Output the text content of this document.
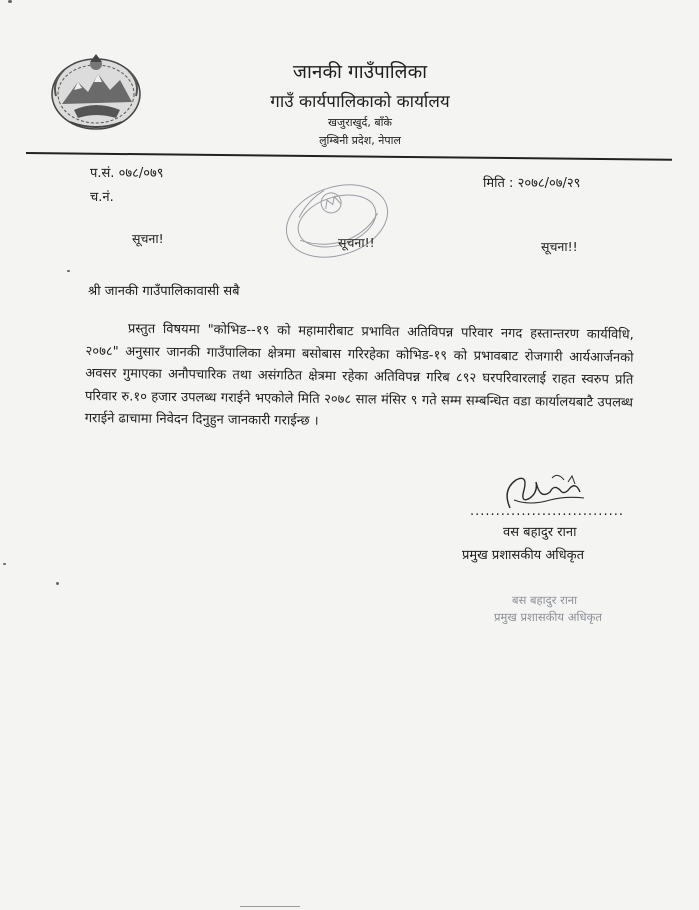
जानकी गाउँपालिका
गाउँ कार्यपालिकाको कार्यालय
खजुराखुर्द, बाँके
लुम्बिनी प्रदेश, नेपाल
प.सं. ०७८/०७९
च.नं.
मिति : २०७८/०७/२९
सूचना!	सूचना!!	सूचना!!
श्री जानकी गाउँपालिकावासी सबै
प्रस्तुत विषयमा "कोभिड--१९ को महामारीबाट प्रभावित अतिविपन्न परिवार नगद हस्तान्तरण कार्यविधि, २०७८" अनुसार जानकी गाउँपालिका क्षेत्रमा बसोबास गरिरहेका कोभिड-१९ को प्रभावबाट रोजगारी आर्यआर्जनको अवसर गुमाएका अनौपचारिक तथा असंगठित क्षेत्रमा रहेका अतिविपन्न गरिब ८९२ घरपरिवारलाई राहत स्वरुप प्रति परिवार रु.१० हजार उपलब्ध गराईने भएकोले मिति २०७८ साल मंसिर ९ गते सम्म सम्बन्धित वडा कार्यालयबाटै उपलब्ध गराईने ढाचामा निवेदन दिनुहुन जानकारी गराईन्छ ।
..............................
वस बहादुर राना
प्रमुख प्रशासकीय अधिकृत
बस बहादुर राना
प्रमुख प्रशासकीय अधिकृत
